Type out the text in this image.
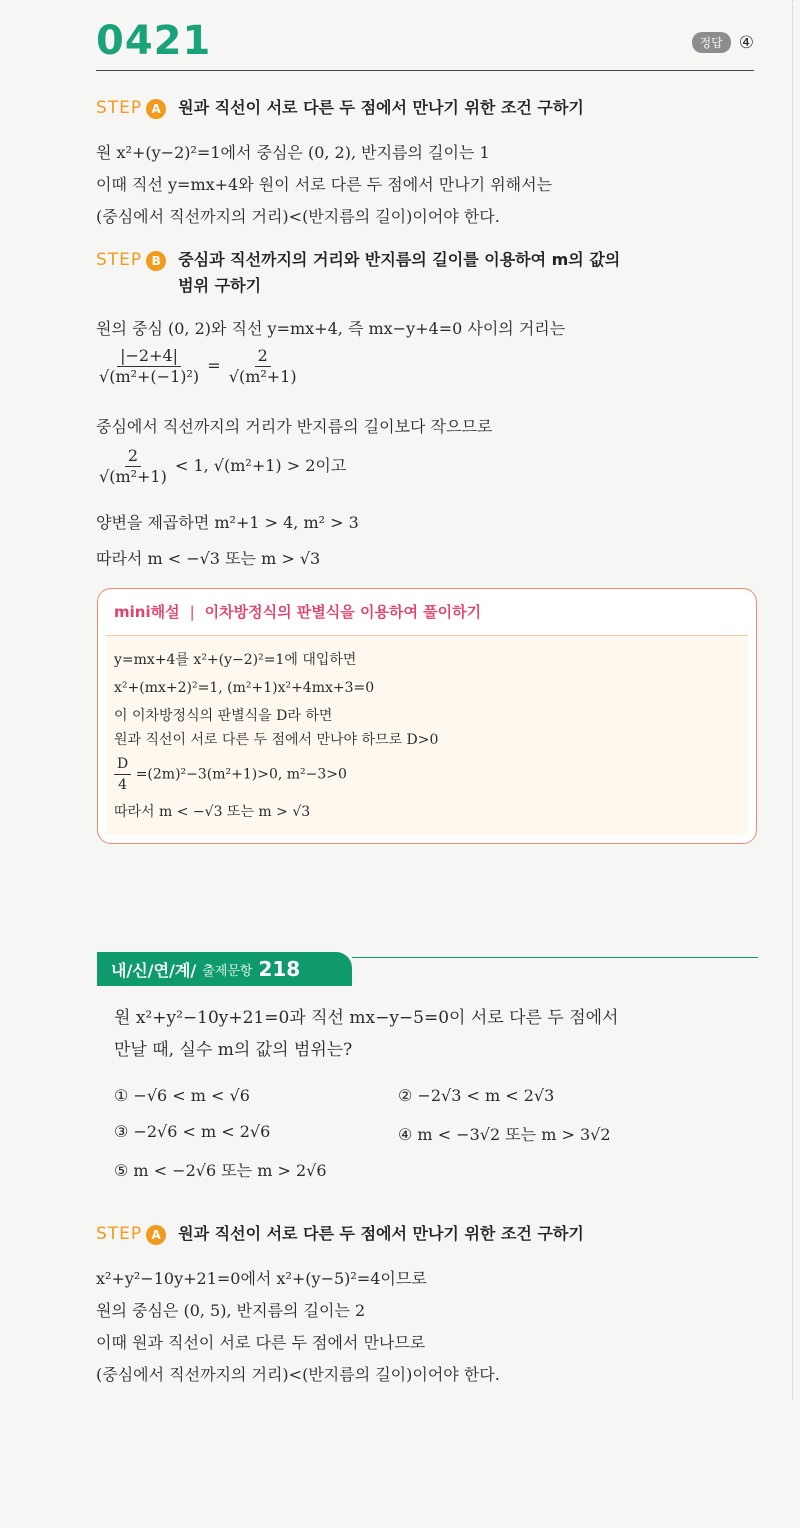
0421	정답 ④
STEP A	원과 직선이 서로 다른 두 점에서 만나기 위한 조건 구하기
원 x²+(y−2)²=1에서 중심은 (0, 2), 반지름의 길이는 1
이때 직선 y=mx+4와 원이 서로 다른 두 점에서 만나기 위해서는
(중심에서 직선까지의 거리)<(반지름의 길이)이어야 한다.
STEP B	중심과 직선까지의 거리와 반지름의 길이를 이용하여 m의 값의
범위 구하기
원의 중심 (0, 2)와 직선 y=mx+4, 즉 mx−y+4=0 사이의 거리는
$\frac{|-2+4|}{\text{√(m²+(−1)²)}} = \frac{2}{\text{√(m²+1)}}$
중심에서 직선까지의 거리가 반지름의 길이보다 작으므로
$\frac{2}{\text{√(m²+1)}} < 1$, √(m²+1) > 2이고
양변을 제곱하면 m²+1 > 4, m² > 3
따라서 m < −√3 또는 m > √3
mini해설 | 이차방정식의 판별식을 이용하여 풀이하기
y=mx+4를 x²+(y−2)²=1에 대입하면
x²+(mx+2)²=1, (m²+1)x²+4mx+3=0
이 이차방정식의 판별식을 D라 하면
원과 직선이 서로 다른 두 점에서 만나야 하므로 D>0
$\frac{D}{4} =(2m)^2-3(m^2+1)>0$, m²−3>0
따라서 m < −√3 또는 m > √3
내/신/연/계/ 출제문항 218
원 x²+y²−10y+21=0과 직선 mx−y−5=0이 서로 다른 두 점에서
만날 때, 실수 m의 값의 범위는?
① −√6 < m < √6	② −2√3 < m < 2√3
③ −2√6 < m < 2√6	④ m < −3√2 또는 m > 3√2
⑤ m < −2√6 또는 m > 2√6
STEP A	원과 직선이 서로 다른 두 점에서 만나기 위한 조건 구하기
x²+y²−10y+21=0에서 x²+(y−5)²=4이므로
원의 중심은 (0, 5), 반지름의 길이는 2
이때 원과 직선이 서로 다른 두 점에서 만나므로
(중심에서 직선까지의 거리)<(반지름의 길이)이어야 한다.
